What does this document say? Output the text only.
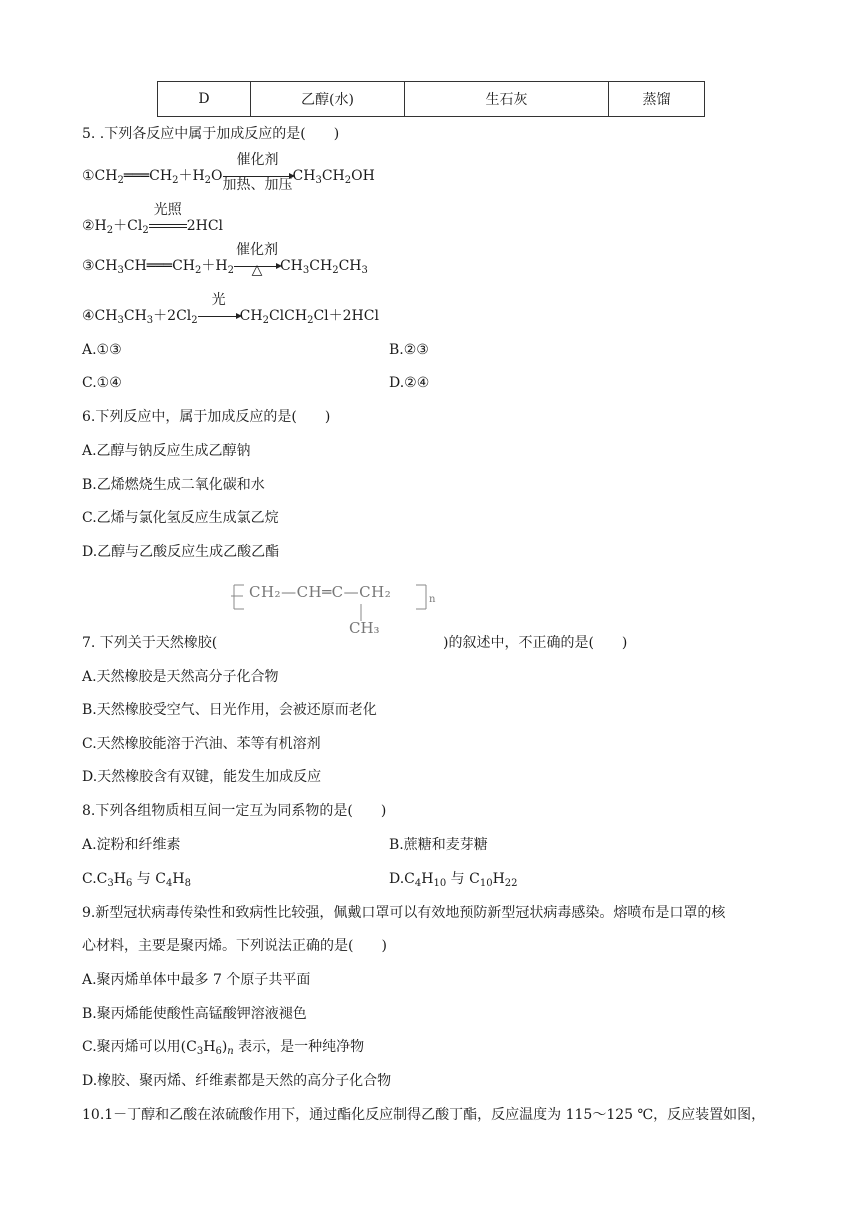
D	乙醇(水)	生石灰	蒸馏
5. .下列各反应中属于加成反应的是(　　)
$①CH_2═══CH_2+H_2O$
催化剂
加热、加压
$CH_3CH_2OH$
$②H_2+Cl_2$
光照
2HCl
$③CH_3CH═══CH_2+H_2$
催化剂
△	$CH_3CH_2CH_3$
$④CH_3CH_3+2Cl_2$
光
$CH_2ClCH_2Cl+2HCl$
A.①③	B.②③
C.①④	D.②④
6.下列反应中，属于加成反应的是(　　)
A.乙醇与钠反应生成乙醇钠
B.乙烯燃烧生成二氧化碳和水
C.乙烯与氯化氢反应生成氯乙烷
D.乙醇与乙酸反应生成乙酸乙酯
CH₂—CH═C—CH₂	n
CH₃
7. 下列关于天然橡胶(	)的叙述中，不正确的是(　　)
A.天然橡胶是天然高分子化合物
B.天然橡胶受空气、日光作用，会被还原而老化
C.天然橡胶能溶于汽油、苯等有机溶剂
D.天然橡胶含有双键，能发生加成反应
8.下列各组物质相互间一定互为同系物的是(　　)
A.淀粉和纤维素	B.蔗糖和麦芽糖
$C.C_3H_6$ 与 $C_4H_8$	$D.C_4H_{10}$ 与 $C_{10}H_{22}$
9.新型冠状病毒传染性和致病性比较强，佩戴口罩可以有效地预防新型冠状病毒感染。熔喷布是口罩的核
心材料，主要是聚丙烯。下列说法正确的是(　　)
A.聚丙烯单体中最多 7 个原子共平面
B.聚丙烯能使酸性高锰酸钾溶液褪色
C.聚丙烯可以用$(C_3H_6)_n$ 表示，是一种纯净物
D.橡胶、聚丙烯、纤维素都是天然的高分子化合物
10.1－丁醇和乙酸在浓硫酸作用下，通过酯化反应制得乙酸丁酯，反应温度为 115～125 ℃，反应装置如图，
